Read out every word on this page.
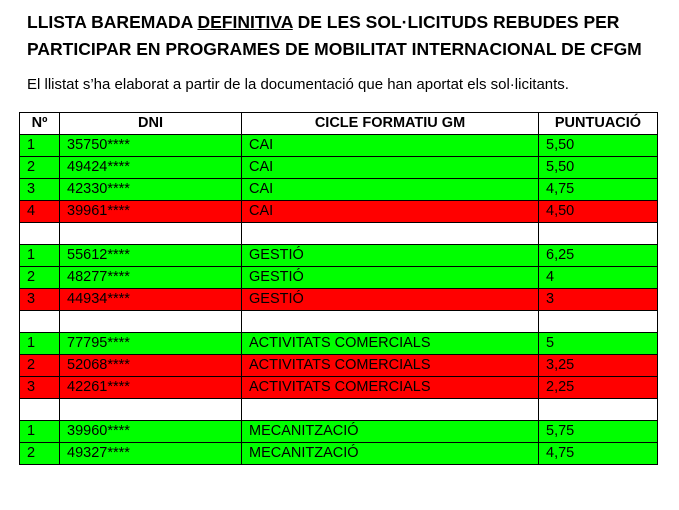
LLISTA BAREMADA DEFINITIVA DE LES SOL·LICITUDS REBUDES PER PARTICIPAR EN PROGRAMES DE MOBILITAT INTERNACIONAL DE CFGM
El llistat s’ha elaborat a partir de la documentació que han aportat els sol·licitants.
Nº	DNI	CICLE FORMATIU GM	PUNTUACIÓ
1	35750****	CAI	5,50
2	49424****	CAI	5,50
3	42330****	CAI	4,75
4	39961****	CAI	4,50

1	55612****	GESTIÓ	6,25
2	48277****	GESTIÓ	4
3	44934****	GESTIÓ	3

1	77795****	ACTIVITATS COMERCIALS	5
2	52068****	ACTIVITATS COMERCIALS	3,25
3	42261****	ACTIVITATS COMERCIALS	2,25

1	39960****	MECANITZACIÓ	5,75
2	49327****	MECANITZACIÓ	4,75
